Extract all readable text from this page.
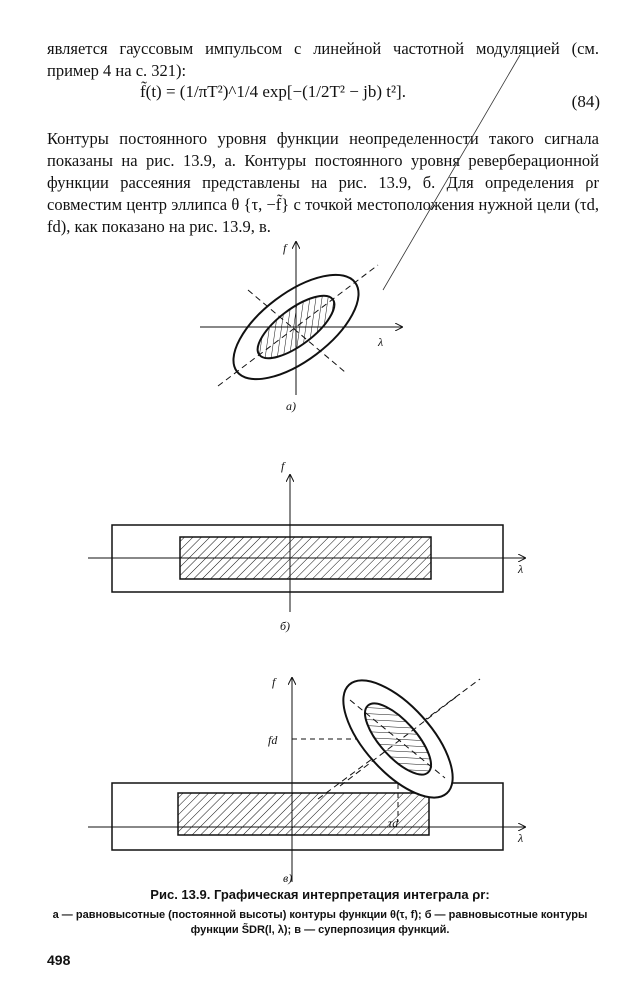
является гауссовым импульсом с линейной частотной модуляцией (см. пример 4 на с. 321):

f̃(t) = (1/πT²)^1/4 exp[−(1/2T² − jb) t²].
(84)

Контуры постоянного уровня функции неопределенности такого сигнала показаны на рис. 13.9, а. Контуры постоянного уровня реверберационной функции рассеяния представлены на рис. 13.9, б. Для определения ρr совместим центр эллипса θ {τ, −f̃} с точкой местоположения нужной цели (τd, fd), как показано на рис. 13.9, в.

f
λ
а)
f
λ
б)
f
λ
fd
τd
в)
Рис. 13.9. Графическая интерпретация интеграла ρr:
а — равновысотные (постоянной высоты) контуры функции θ(τ, f); б — равновысотные контуры функции S̃DR(l, λ); в — суперпозиция функций.
498
